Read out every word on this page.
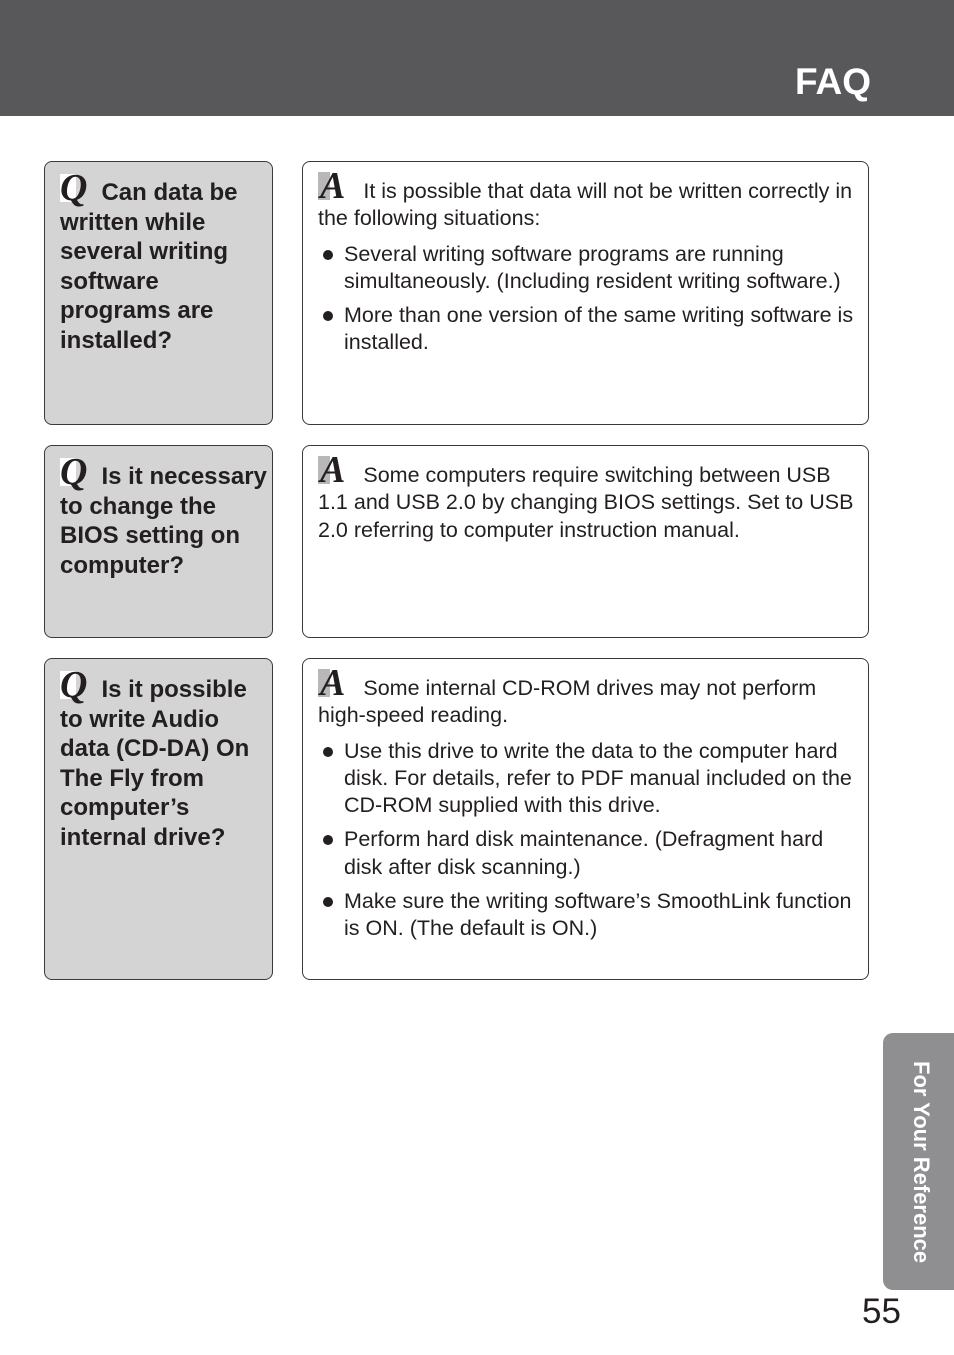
FAQ
Q Can data be written while several writing software programs are installed?

A It is possible that data will not be written correctly in the following situations:

Several writing software programs are running simultaneously. (Including resident writing software.)
More than one version of the same writing software is installed.
Q Is it necessary to change the BIOS setting on computer?

A Some computers require switching between USB 1.1 and USB 2.0 by changing BIOS settings. Set to USB 2.0 referring to computer instruction manual.

Q Is it possible to write Audio data (CD-DA) On The Fly from computer’s internal drive?

A Some internal CD-ROM drives may not perform high-speed reading.

Use this drive to write the data to the computer hard disk. For details, refer to PDF manual included on the CD-ROM supplied with this drive.
Perform hard disk maintenance. (Defragment hard disk after disk scanning.)
Make sure the writing software’s SmoothLink function is ON. (The default is ON.)
For Your Reference
55
